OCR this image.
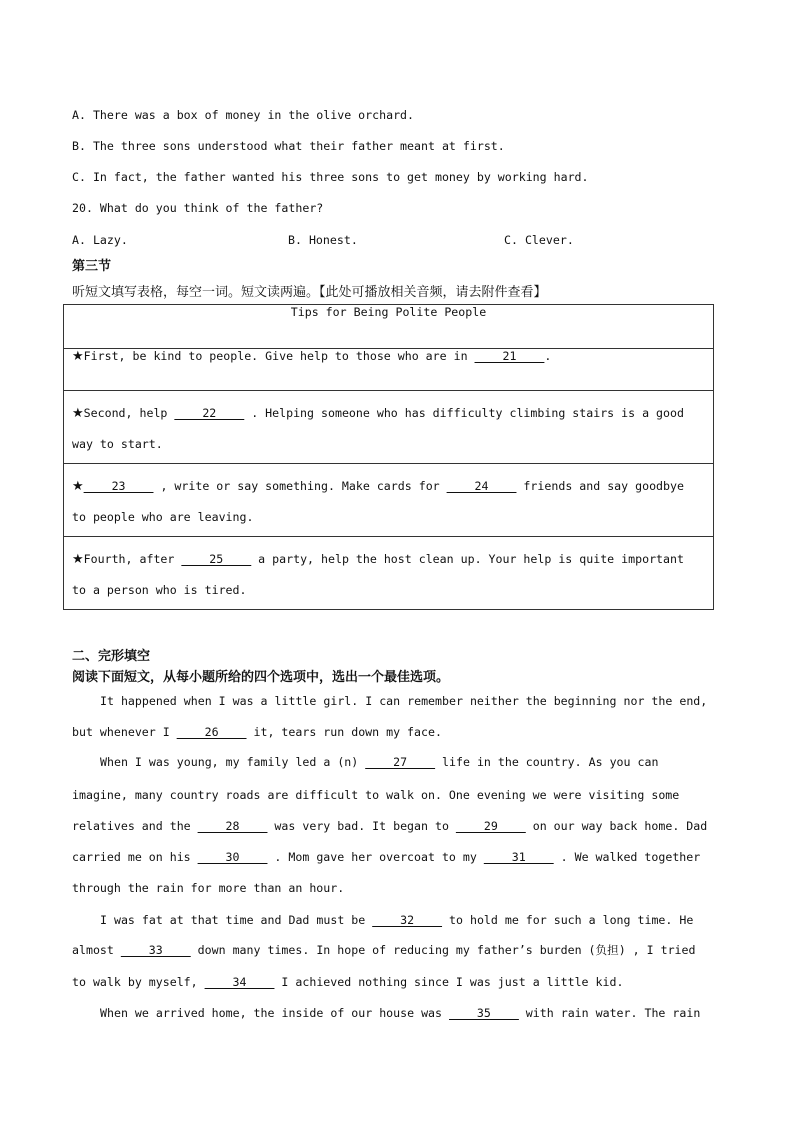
A. There was a box of money in the olive orchard.
B. The three sons understood what their father meant at first.
C. In fact, the father wanted his three sons to get money by working hard.
20. What do you think of the father?
A. Lazy.	B. Honest.	C. Clever.
第三节
听短文填写表格，每空一词。短文读两遍。【此处可播放相关音频，请去附件查看】
Tips for Being Polite People
★First, be kind to people. Give help to those who are in ____21____.

★Second, help ____22____ . Helping someone who has difficulty climbing stairs is a good
way to start.

★____23____ , write or say something. Make cards for ____24____ friends and say goodbye
to people who are leaving.

★Fourth, after ____25____ a party, help the host clean up. Your help is quite important
to a person who is tired.
二、完形填空
阅读下面短文，从每小题所给的四个选项中，选出一个最佳选项。
It happened when I was a little girl. I can remember neither the beginning nor the end,
but whenever I ____26____ it, tears run down my face.
When I was young, my family led a (n) ____27____ life in the country. As you can
imagine, many country roads are difficult to walk on. One evening we were visiting some
relatives and the ____28____ was very bad. It began to ____29____ on our way back home. Dad
carried me on his ____30____ . Mom gave her overcoat to my ____31____ . We walked together
through the rain for more than an hour.
I was fat at that time and Dad must be ____32____ to hold me for such a long time. He
almost ____33____ down many times. In hope of reducing my father’s burden (负担) , I tried
to walk by myself, ____34____ I achieved nothing since I was just a little kid.
When we arrived home, the inside of our house was ____35____ with rain water. The rain
